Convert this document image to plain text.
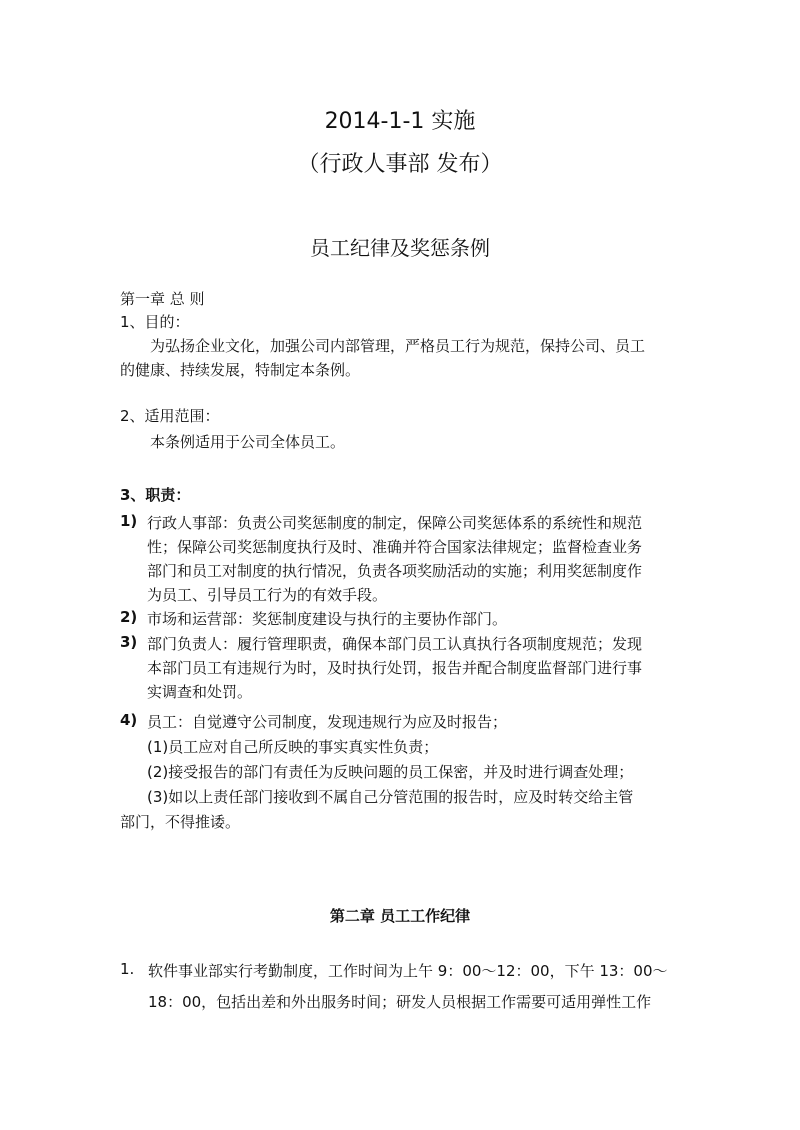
2014-1-1 实施
（行政人事部 发布）
员工纪律及奖惩条例
第一章 总 则
1、目的：
为弘扬企业文化，加强公司内部管理，严格员工行为规范，保持公司、员工
的健康、持续发展，特制定本条例。
2、适用范围：
本条例适用于公司全体员工。
3、职责：
1) 行政人事部：负责公司奖惩制度的制定，保障公司奖惩体系的系统性和规范
性；保障公司奖惩制度执行及时、准确并符合国家法律规定；监督检查业务
部门和员工对制度的执行情况，负责各项奖励活动的实施；利用奖惩制度作
为员工、引导员工行为的有效手段。
2) 市场和运营部：奖惩制度建设与执行的主要协作部门。
3) 部门负责人：履行管理职责，确保本部门员工认真执行各项制度规范；发现
本部门员工有违规行为时，及时执行处罚，报告并配合制度监督部门进行事
实调查和处罚。
4) 员工：自觉遵守公司制度，发现违规行为应及时报告；
(1)员工应对自己所反映的事实真实性负责；
(2)接受报告的部门有责任为反映问题的员工保密，并及时进行调查处理；
(3)如以上责任部门接收到不属自己分管范围的报告时，应及时转交给主管
部门，不得推诿。
第二章 员工工作纪律
1. 软件事业部实行考勤制度，工作时间为上午 9：00～12：00，下午 13：00～
18：00，包括出差和外出服务时间；研发人员根据工作需要可适用弹性工作
